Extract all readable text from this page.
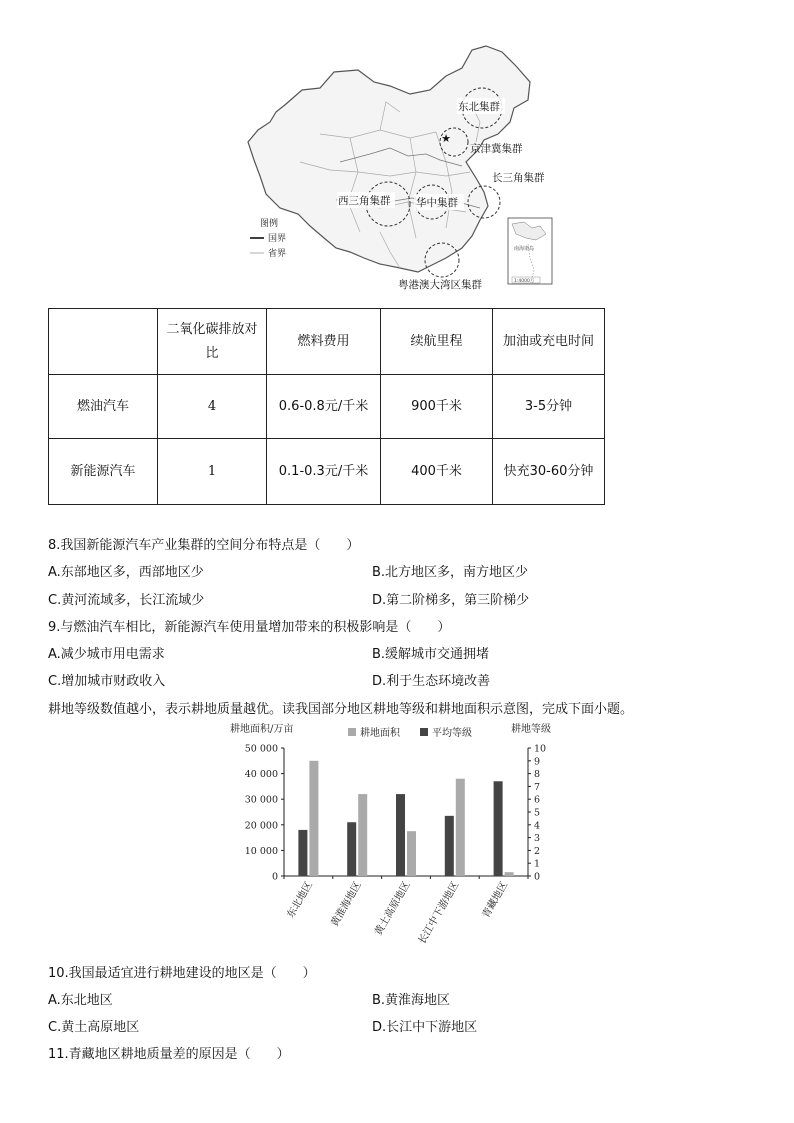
★
东北集群
京津冀集群
长三角集群
西三角集群 华中集群
粤港澳大湾区集群
图例
国界
省界	南海诸岛
1:4000万
	二氧化碳排放对比	燃料费用	续航里程	加油或充电时间
燃油汽车	4	0.6-0.8元/千米	900千米	3-5分钟
新能源汽车	1	0.1-0.3元/千米	400千米	快充30-60分钟
8.我国新能源汽车产业集群的空间分布特点是（　　）
A.东部地区多，西部地区少	B.北方地区多，南方地区少
C.黄河流域多，长江流域少	D.第二阶梯多，第三阶梯少
9.与燃油汽车相比，新能源汽车使用量增加带来的积极影响是（　　）
A.减少城市用电需求	B.缓解城市交通拥堵
C.增加城市财政收入	D.利于生态环境改善
耕地等级数值越小，表示耕地质量越优。读我国部分地区耕地等级和耕地面积示意图，完成下面小题。
耕地面积/万亩	耕地等级
0
10 000
20 000
30 000
40 000
50 000
0
1
2
3
4
5
6
7
8
9
10
东北地区 黄淮海地区 黄土高原地区 长江中下游地区 青藏地区
耕地面积	平均等级
10.我国最适宜进行耕地建设的地区是（　　）
A.东北地区	B.黄淮海地区
C.黄土高原地区	D.长江中下游地区
11.青藏地区耕地质量差的原因是（　　）
